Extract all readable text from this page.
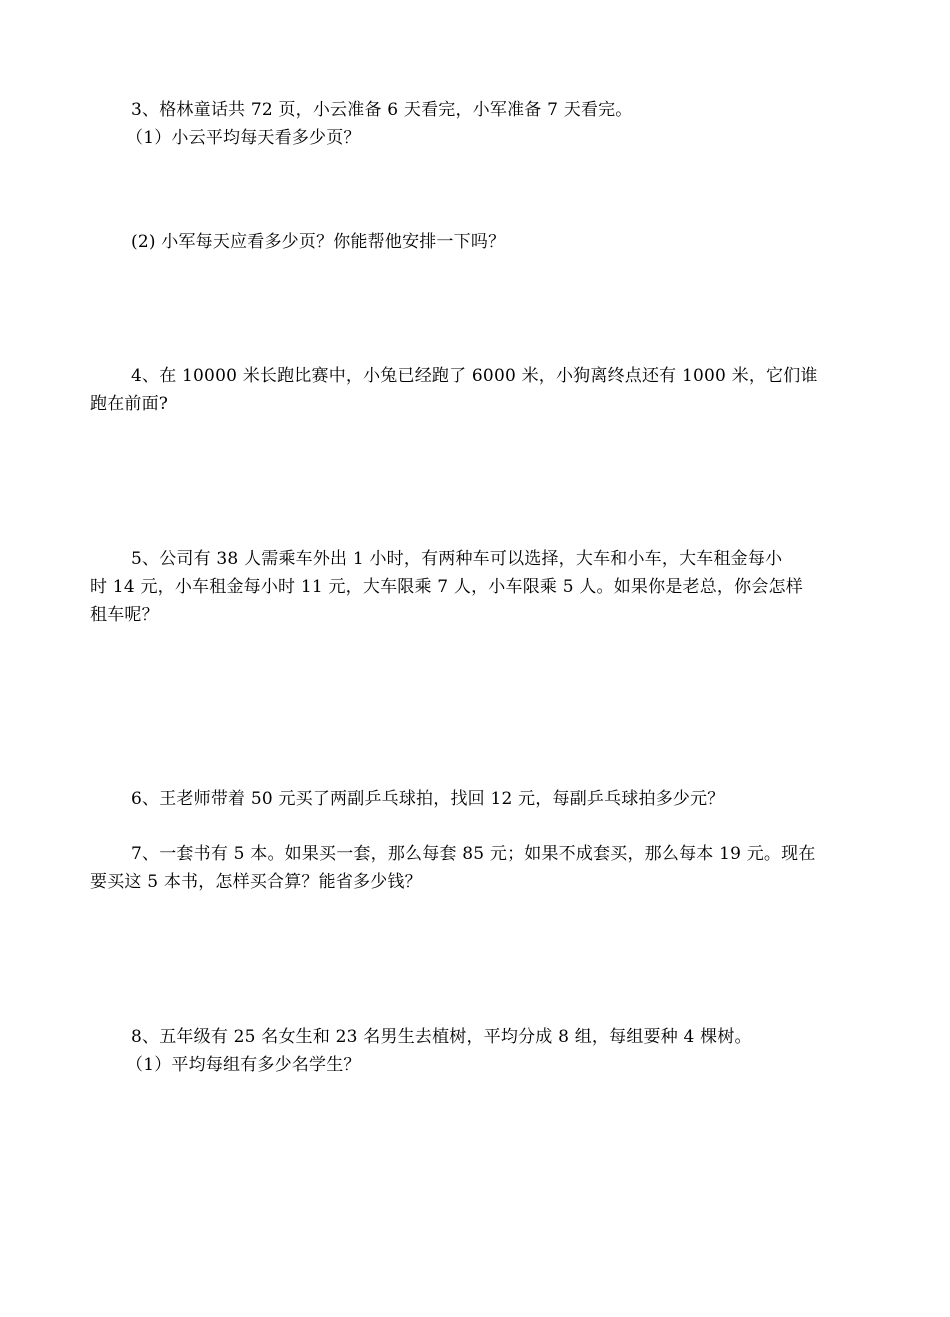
3、格林童话共 72 页，小云准备 6 天看完，小军准备 7 天看完。
（1）小云平均每天看多少页？
(2) 小军每天应看多少页？你能帮他安排一下吗？
4、在 10000 米长跑比赛中，小兔已经跑了 6000 米，小狗离终点还有 1000 米，它们谁
跑在前面?
5、公司有 38 人需乘车外出 1 小时，有两种车可以选择，大车和小车，大车租金每小
时 14 元，小车租金每小时 11 元，大车限乘 7 人，小车限乘 5 人。如果你是老总，你会怎样
租车呢？
6、王老师带着 50 元买了两副乒乓球拍，找回 12 元，每副乒乓球拍多少元？
7、一套书有 5 本。如果买一套，那么每套 85 元；如果不成套买，那么每本 19 元。现在
要买这 5 本书，怎样买合算？能省多少钱？
8、五年级有 25 名女生和 23 名男生去植树，平均分成 8 组，每组要种 4 棵树。
（1）平均每组有多少名学生？
